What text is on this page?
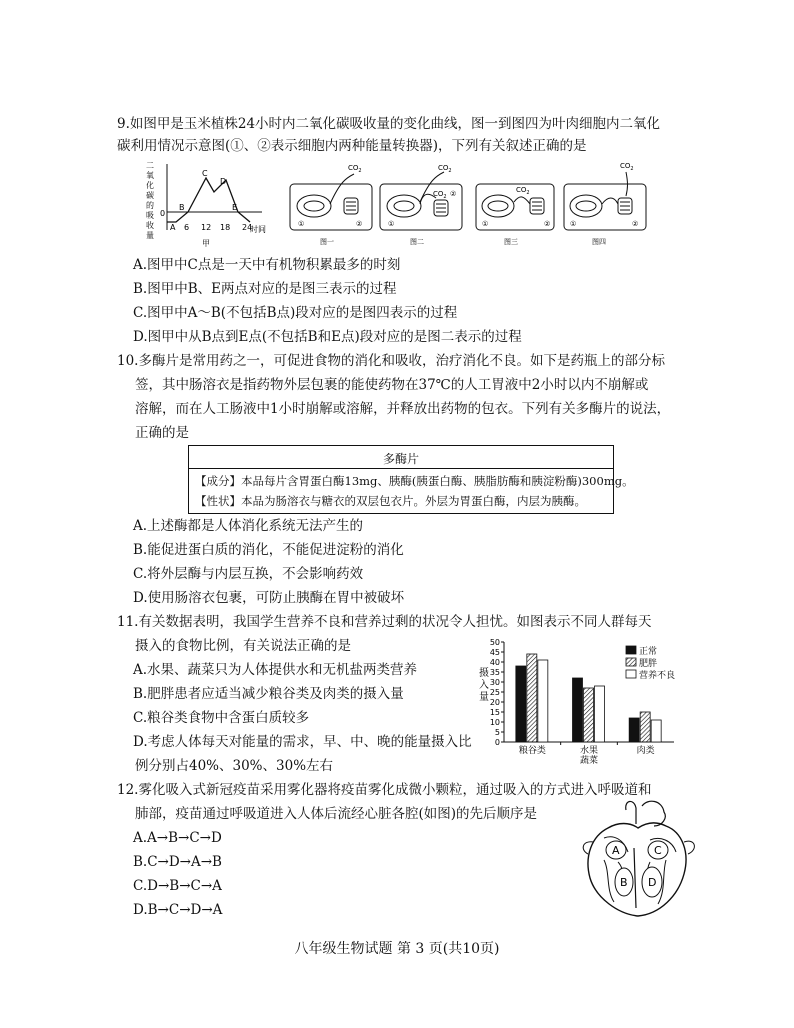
9.如图甲是玉米植株24小时内二氧化碳吸收量的变化曲线，图一到图四为叶肉细胞内二氧化
碳利用情况示意图(①、②表示细胞内两种能量转换器)，下列有关叙述正确的是
二
氧
化
碳
的
吸
收
量
0
A
B
C
D
E
6 12 18 24
时间
甲
$CO_2$
①	②
图一
$CO_2$
$CO_2$
①
②
图二
$CO_2$
①	②
图三
$CO_2$
①	②
图四
A.图甲中C点是一天中有机物积累最多的时刻
B.图甲中B、E两点对应的是图三表示的过程
C.图甲中A～B(不包括B点)段对应的是图四表示的过程
D.图甲中从B点到E点(不包括B和E点)段对应的是图二表示的过程
10.多酶片是常用药之一，可促进食物的消化和吸收，治疗消化不良。如下是药瓶上的部分标
签，其中肠溶衣是指药物外层包裹的能使药物在37℃的人工胃液中2小时以内不崩解或
溶解，而在人工肠液中1小时崩解或溶解，并释放出药物的包衣。下列有关多酶片的说法，
正确的是
多酶片
【成分】本品每片含胃蛋白酶13mg、胰酶(胰蛋白酶、胰脂肪酶和胰淀粉酶)300mg。
【性状】本品为肠溶衣与糖衣的双层包衣片。外层为胃蛋白酶，内层为胰酶。
A.上述酶都是人体消化系统无法产生的
B.能促进蛋白质的消化，不能促进淀粉的消化
C.将外层酶与内层互换，不会影响药效
D.使用肠溶衣包裹，可防止胰酶在胃中被破坏
11.有关数据表明，我国学生营养不良和营养过剩的状况令人担忧。如图表示不同人群每天
摄入的食物比例，有关说法正确的是
A.水果、蔬菜只为人体提供水和无机盐两类营养
B.肥胖患者应适当减少粮谷类及肉类的摄入量
C.粮谷类食物中含蛋白质较多
D.考虑人体每天对能量的需求，早、中、晚的能量摄入比
例分别占40%、30%、30%左右
0
5
10
15
20
25
30
35
40
45
50
摄
入
量
粮谷类	水果
蔬菜
肉类
正常
肥胖
营养不良
12.雾化吸入式新冠疫苗采用雾化器将疫苗雾化成微小颗粒，通过吸入的方式进入呼吸道和
肺部，疫苗通过呼吸道进入人体后流经心脏各腔(如图)的先后顺序是
A.A→B→C→D
B.C→D→A→B
C.D→B→C→A
D.B→C→D→A
A
B
C
D
八年级生物试题 第 3 页(共10页)
